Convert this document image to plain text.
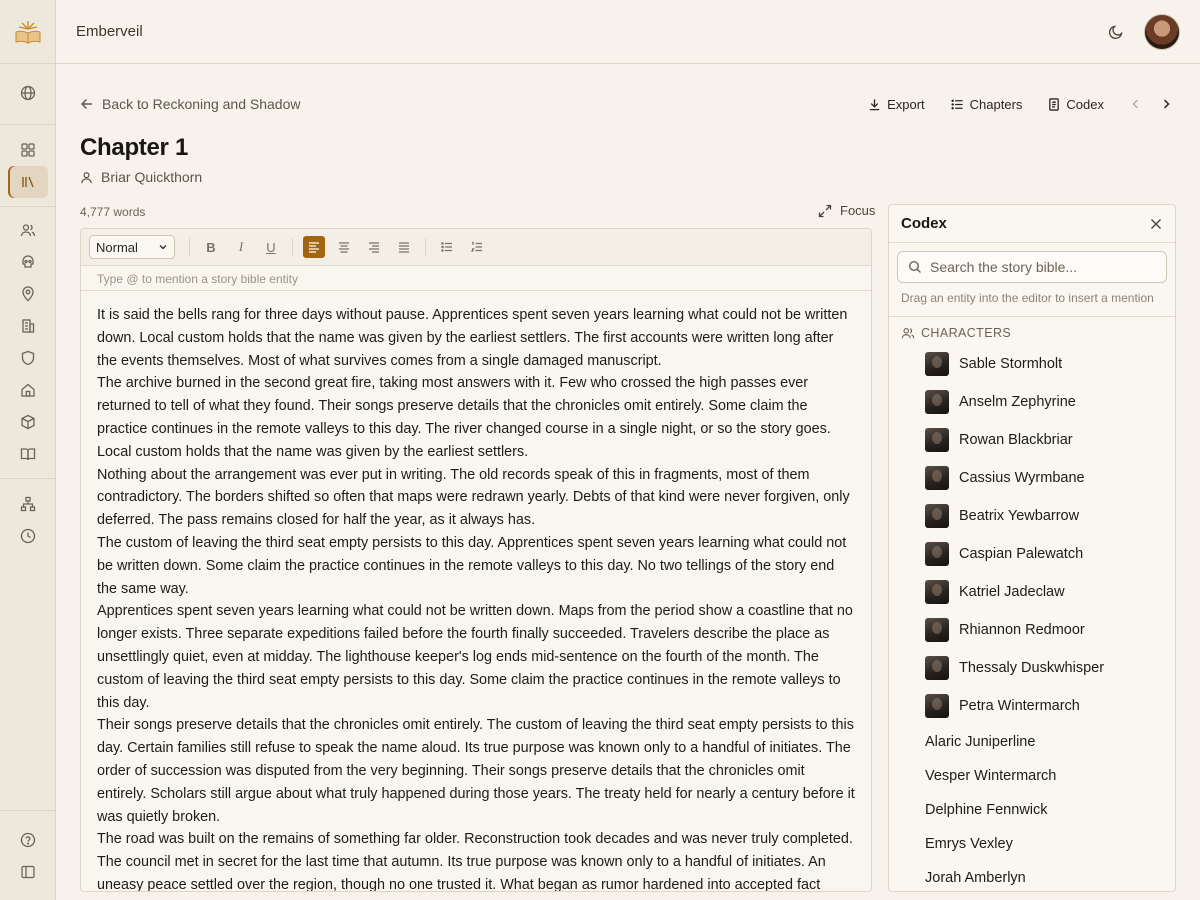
Emberveil
Back to Reckoning and Shadow	Export	Chapters	Codex
Chapter 1
Briar Quickthorn
4,777 words	Focus
Normal	B	I	U
Type @ to mention a story bible entity

It is said the bells rang for three days without pause. Apprentices spent seven years learning what could not be written down. Local custom holds that the name was given by the earliest settlers. The first accounts were written long after the events themselves. Most of what survives comes from a single damaged manuscript.

The archive burned in the second great fire, taking most answers with it. Few who crossed the high passes ever returned to tell of what they found. Their songs preserve details that the chronicles omit entirely. Some claim the practice continues in the remote valleys to this day. The river changed course in a single night, or so the story goes. Local custom holds that the name was given by the earliest settlers.

Nothing about the arrangement was ever put in writing. The old records speak of this in fragments, most of them contradictory. The borders shifted so often that maps were redrawn yearly. Debts of that kind were never forgiven, only deferred. The pass remains closed for half the year, as it always has.

The custom of leaving the third seat empty persists to this day. Apprentices spent seven years learning what could not be written down. Some claim the practice continues in the remote valleys to this day. No two tellings of the story end the same way.

Apprentices spent seven years learning what could not be written down. Maps from the period show a coastline that no longer exists. Three separate expeditions failed before the fourth finally succeeded. Travelers describe the place as unsettlingly quiet, even at midday. The lighthouse keeper's log ends mid-sentence on the fourth of the month. The custom of leaving the third seat empty persists to this day. Some claim the practice continues in the remote valleys to this day.

Their songs preserve details that the chronicles omit entirely. The custom of leaving the third seat empty persists to this day. Certain families still refuse to speak the name aloud. Its true purpose was known only to a handful of initiates. The order of succession was disputed from the very beginning. Their songs preserve details that the chronicles omit entirely. Scholars still argue about what truly happened during those years. The treaty held for nearly a century before it was quietly broken.

The road was built on the remains of something far older. Reconstruction took decades and was never truly completed. The council met in secret for the last time that autumn. Its true purpose was known only to a handful of initiates. An uneasy peace settled over the region, though no one trusted it. What began as rumor hardened into accepted fact

Codex
Search the story bible...
Drag an entity into the editor to insert a mention
CHARACTERS
Sable Stormholt
Anselm Zephyrine
Rowan Blackbriar
Cassius Wyrmbane
Beatrix Yewbarrow
Caspian Palewatch
Katriel Jadeclaw
Rhiannon Redmoor
Thessaly Duskwhisper
Petra Wintermarch
Alaric Juniperline
Vesper Wintermarch
Delphine Fennwick
Emrys Vexley
Jorah Amberlyn
